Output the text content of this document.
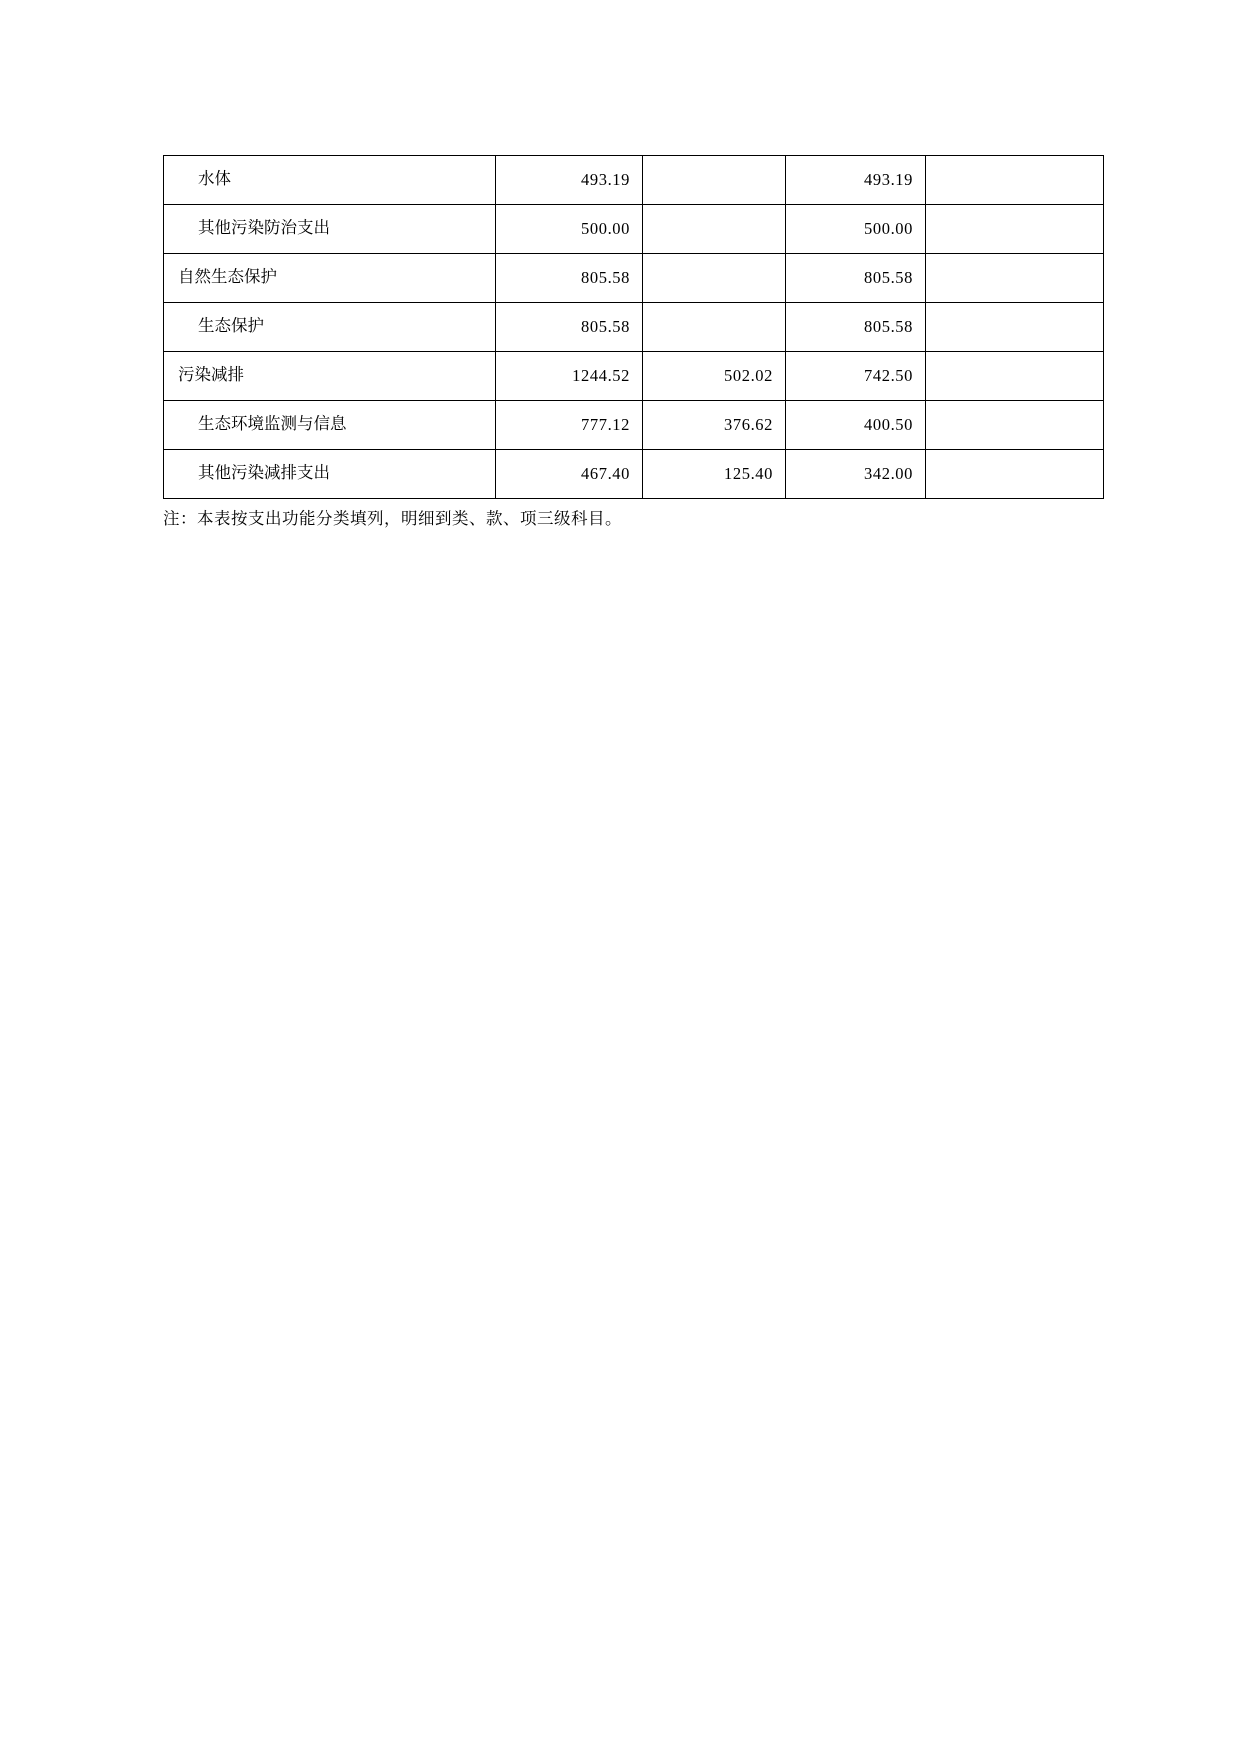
水体	493.19		493.19	
其他污染防治支出	500.00		500.00	
自然生态保护	805.58		805.58	
生态保护	805.58		805.58	
污染减排	1244.52	502.02	742.50	
生态环境监测与信息	777.12	376.62	400.50	
其他污染减排支出	467.40	125.40	342.00	
注：本表按支出功能分类填列，明细到类、款、项三级科目。
